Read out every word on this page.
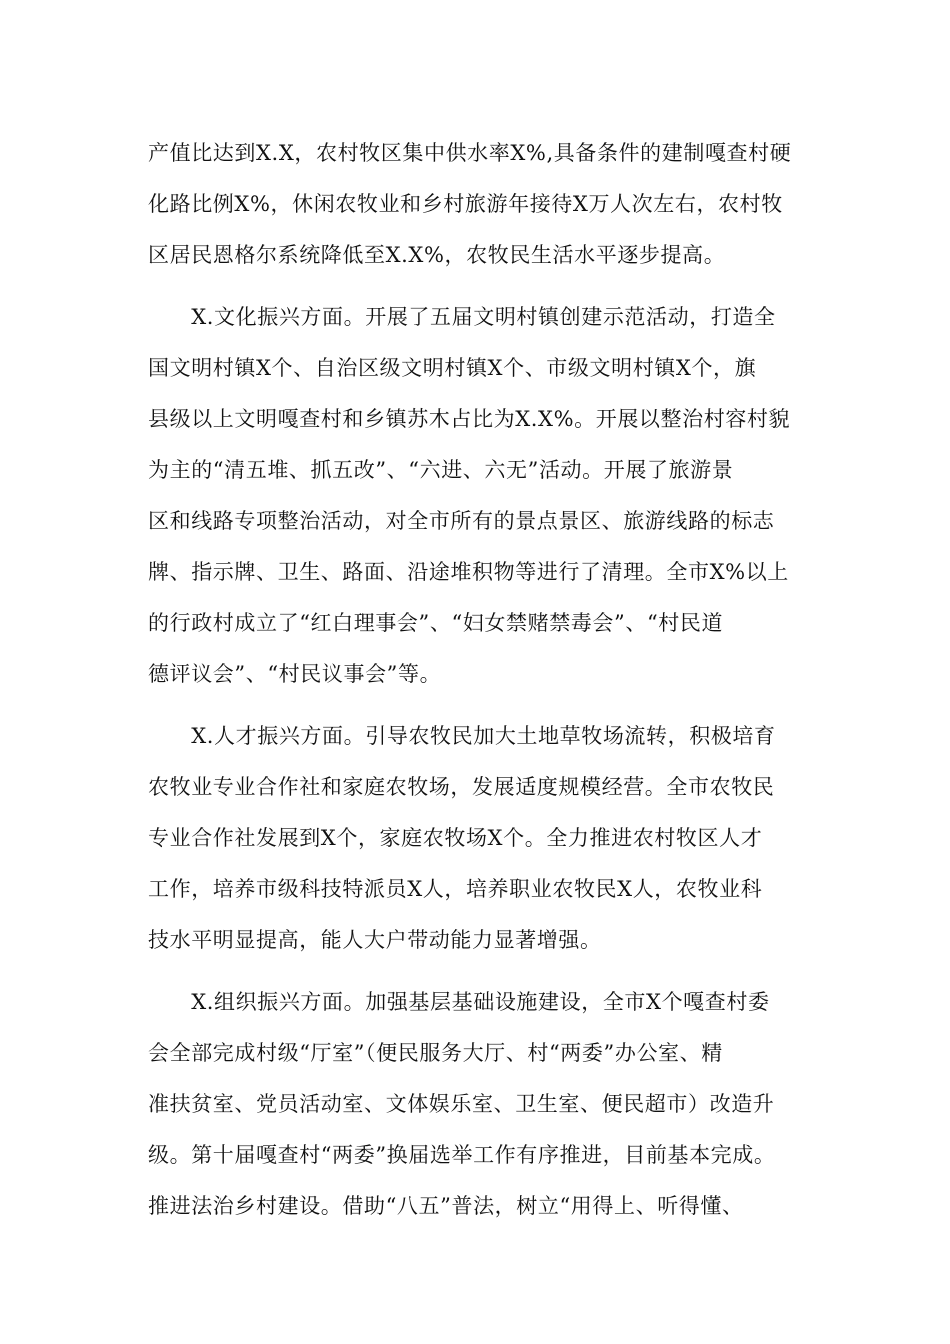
产值比达到X.X，农村牧区集中供水率X%,具备条件的建制嘎查村硬
化路比例X%，休闲农牧业和乡村旅游年接待X万人次左右，农村牧
区居民恩格尔系统降低至X.X%，农牧民生活水平逐步提高。

　　X.文化振兴方面。开展了五届文明村镇创建示范活动，打造全
国文明村镇X个、自治区级文明村镇X个、市级文明村镇X个，旗
县级以上文明嘎查村和乡镇苏木占比为X.X%。开展以整治村容村貌
为主的“清五堆、抓五改”、“六进、六无”活动。开展了旅游景
区和线路专项整治活动，对全市所有的景点景区、旅游线路的标志
牌、指示牌、卫生、路面、沿途堆积物等进行了清理。全市X%以上
的行政村成立了“红白理事会”、“妇女禁赌禁毒会”、“村民道
德评议会”、“村民议事会”等。

　　X.人才振兴方面。引导农牧民加大土地草牧场流转，积极培育
农牧业专业合作社和家庭农牧场，发展适度规模经营。全市农牧民
专业合作社发展到X个，家庭农牧场X个。全力推进农村牧区人才
工作，培养市级科技特派员X人，培养职业农牧民X人，农牧业科
技水平明显提高，能人大户带动能力显著增强。

　　X.组织振兴方面。加强基层基础设施建设，全市X个嘎查村委
会全部完成村级“厅室”（便民服务大厅、村“两委”办公室、精
准扶贫室、党员活动室、文体娱乐室、卫生室、便民超市）改造升
级。第十届嘎查村“两委”换届选举工作有序推进，目前基本完成。
推进法治乡村建设。借助“八五”普法，树立“用得上、听得懂、
